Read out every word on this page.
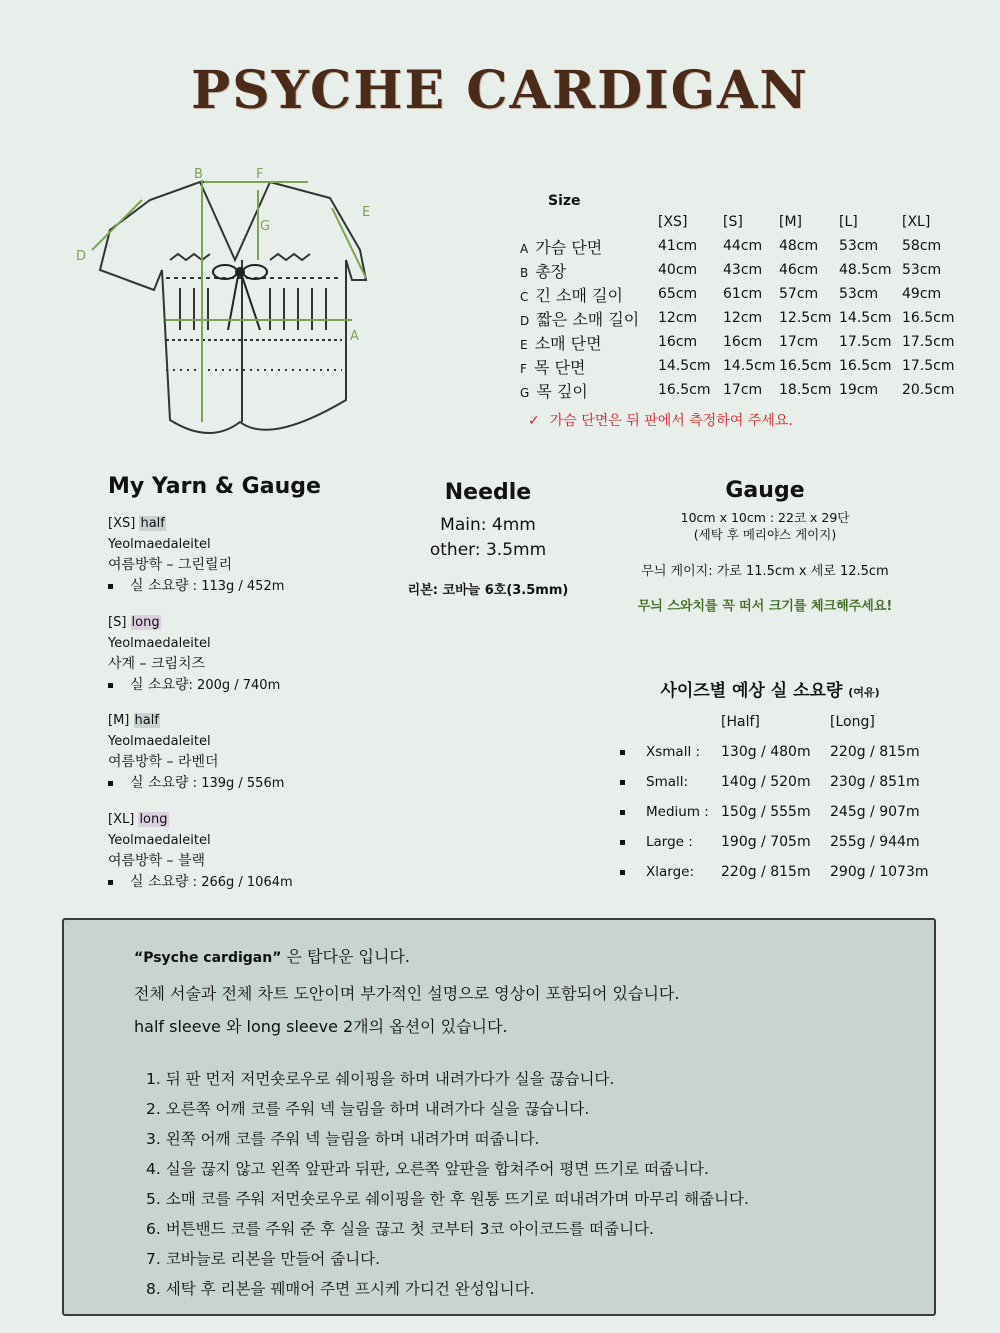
PSYCHE CARDIGAN
A
B
D
E
F
G
Size
	[XS]	[S]	[M]	[L]	[XL]
A 가슴 단면	41cm	44cm	48cm	53cm	58cm
B 총장	40cm	43cm	46cm	48.5cm	53cm
C 긴 소매 길이	65cm	61cm	57cm	53cm	49cm
D 짧은 소매 길이	12cm	12cm	12.5cm	14.5cm	16.5cm
E 소매 단면	16cm	16cm	17cm	17.5cm	17.5cm
F 목 단면	14.5cm	14.5cm	16.5cm	16.5cm	17.5cm
G 목 깊이	16.5cm	17cm	18.5cm	19cm	20.5cm
✓ 가슴 단면은 뒤 판에서 측정하여 주세요.
My Yarn & Gauge
[XS] half
Yeolmaedaleitel
여름방학 – 그린릴리
실 소요량 : 113g / 452m
[S] long
Yeolmaedaleitel
사계 – 크림치즈
실 소요량: 200g / 740m
[M] half
Yeolmaedaleitel
여름방학 – 라벤더
실 소요량 : 139g / 556m
[XL] long
Yeolmaedaleitel
여름방학 – 블랙
실 소요량 : 266g / 1064m
Needle
Main: 4mm
other: 3.5mm
리본: 코바늘 6호(3.5mm)
Gauge
10cm x 10cm : 22코 x 29단
(세탁 후 메리야스 게이지)
무늬 게이지: 가로 11.5cm x 세로 12.5cm
무늬 스와치를 꼭 떠서 크기를 체크해주세요!
사이즈별 예상 실 소요량 (여유)
[Half]	[Long]
Xsmall : 130g / 480m 220g / 815m
Small: 140g / 520m 230g / 851m
Medium : 150g / 555m 245g / 907m
Large : 190g / 705m 255g / 944m
Xlarge: 220g / 815m 290g / 1073m
“Psyche cardigan” 은 탑다운 입니다.
전체 서술과 전체 차트 도안이며 부가적인 설명으로 영상이 포함되어 있습니다.
half sleeve 와 long sleeve 2개의 옵션이 있습니다.
1. 뒤 판 먼저 저먼숏로우로 쉐이핑을 하며 내려가다가 실을 끊습니다.
2. 오른쪽 어깨 코를 주워 넥 늘림을 하며 내려가다 실을 끊습니다.
3. 왼쪽 어깨 코를 주워 넥 늘림을 하며 내려가며 떠줍니다.
4. 실을 끊지 않고 왼쪽 앞판과 뒤판, 오른쪽 앞판을 합쳐주어 평면 뜨기로 떠줍니다.
5. 소매 코를 주워 저먼숏로우로 쉐이핑을 한 후 원통 뜨기로 떠내려가며 마무리 해줍니다.
6. 버튼밴드 코를 주워 준 후 실을 끊고 첫 코부터 3코 아이코드를 떠줍니다.
7. 코바늘로 리본을 만들어 줍니다.
8. 세탁 후 리본을 꿰매어 주면 프시케 가디건 완성입니다.
